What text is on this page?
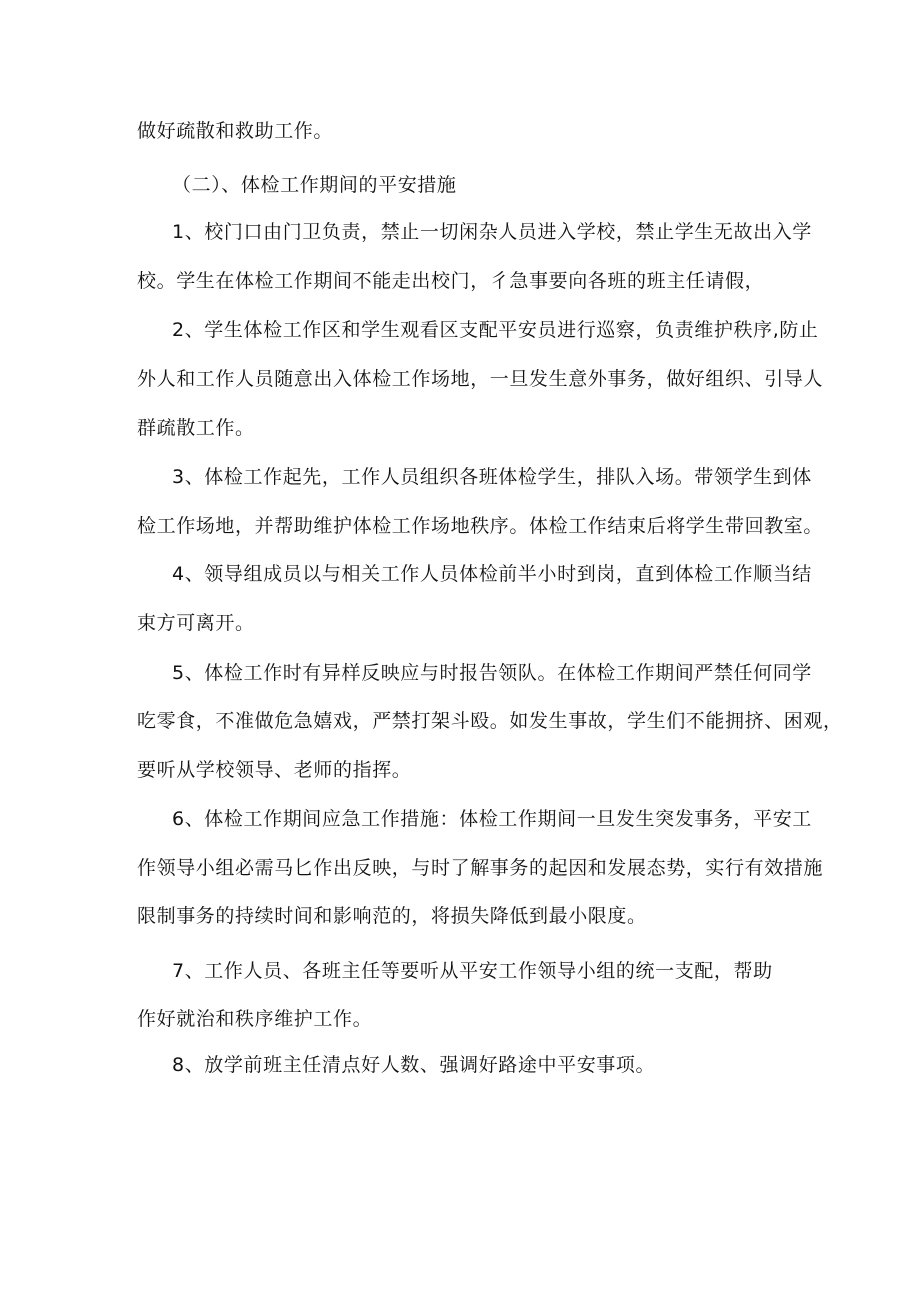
做好疏散和救助工作。
（二）、体检工作期间的平安措施
1、校门口由门卫负责，禁止一切闲杂人员进入学校，禁止学生无故出入学
校。学生在体检工作期间不能走出校门，彳急事要向各班的班主任请假，
2、学生体检工作区和学生观看区支配平安员进行巡察，负责维护秩序,防止
外人和工作人员随意出入体检工作场地，一旦发生意外事务，做好组织、引导人
群疏散工作。
3、体检工作起先，工作人员组织各班体检学生，排队入场。带领学生到体
检工作场地，并帮助维护体检工作场地秩序。体检工作结束后将学生带回教室。
4、领导组成员以与相关工作人员体检前半小时到岗，直到体检工作顺当结
束方可离开。
5、体检工作时有异样反映应与时报告领队。在体检工作期间严禁任何同学
吃零食，不准做危急嬉戏，严禁打架斗殴。如发生事故，学生们不能拥挤、困观，
要听从学校领导、老师的指挥。
6、体检工作期间应急工作措施：体检工作期间一旦发生突发事务，平安工
作领导小组必需马匕作出反映，与时了解事务的起因和发展态势，实行有效措施
限制事务的持续时间和影响范的，将损失降低到最小限度。
7、工作人员、各班主任等要听从平安工作领导小组的统一支配，帮助
作好就治和秩序维护工作。
8、放学前班主任清点好人数、强调好路途中平安事项。
